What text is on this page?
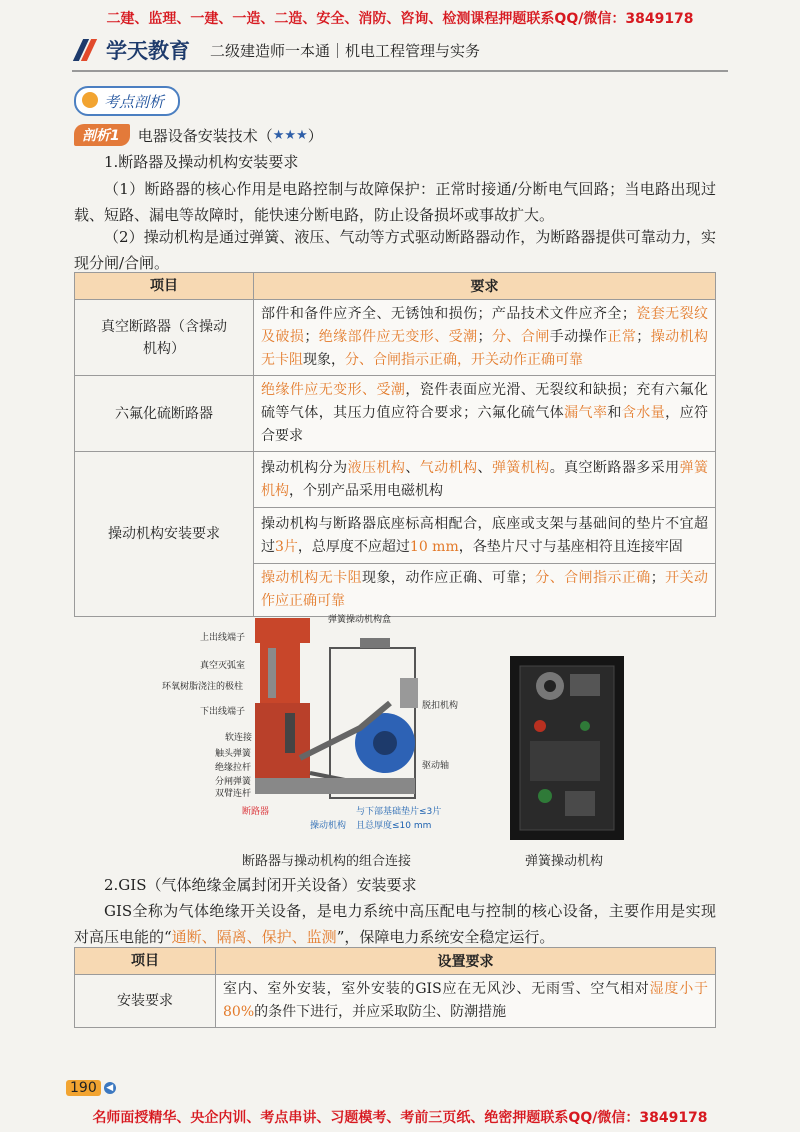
二建、监理、一建、一造、二造、安全、消防、咨询、检测课程押题联系QQ/微信：3849178
学天教育 二级建造师一本通｜机电工程管理与实务
考点剖析
剖析1	电器设备安装技术（ ★★★ ）
1.断路器及操动机构安装要求
（1）断路器的核心作用是电路控制与故障保护：正常时接通/分断电气回路；当电路出现过载、短路、漏电等故障时，能快速分断电路，防止设备损坏或事故扩大。
（2）操动机构是通过弹簧、液压、气动等方式驱动断路器动作，为断路器提供可靠动力，实现分闸/合闸。
项目	要求
真空断路器（含操动机构）	部件和备件应齐全、无锈蚀和损伤；产品技术文件应齐全；瓷套无裂纹及破损；绝缘部件应无变形、受潮；分、合闸手动操作正常；操动机构无卡阻现象，分、合闸指示正确，开关动作正确可靠
六氟化硫断路器	绝缘件应无变形、受潮，瓷件表面应光滑、无裂纹和缺损；充有六氟化硫等气体，其压力值应符合要求；六氟化硫气体漏气率和含水量，应符合要求
操动机构安装要求	操动机构分为液压机构、气动机构、弹簧机构。真空断路器多采用弹簧机构，个别产品采用电磁机构
	操动机构与断路器底座标高相配合，底座或支架与基础间的垫片不宜超过3片，总厚度不应超过10 mm，各垫片尺寸与基座相符且连接牢固
	操动机构无卡阻现象，动作应正确、可靠；分、合闸指示正确；开关动作应正确可靠
上出线端子
真空灭弧室
环氧树脂浇注的极柱
下出线端子
软连接
触头弹簧
绝缘拉杆
分闸弹簧
双臂连杆
弹簧操动机构盒
脱扣机构
驱动轴
断路器
操动机构
与下部基础垫片≤3片
且总厚度≤10 mm
断路器与操动机构的组合连接	弹簧操动机构
2.GIS（气体绝缘金属封闭开关设备）安装要求
GIS全称为气体绝缘开关设备，是电力系统中高压配电与控制的核心设备，主要作用是实现对高压电能的“通断、隔离、保护、监测”，保障电力系统安全稳定运行。
项目	设置要求
安装要求	室内、室外安装，室外安装的GIS应在无风沙、无雨雪、空气相对湿度小于80%的条件下进行，并应采取防尘、防潮措施
190	◀
名师面授精华、央企内训、考点串讲、习题模考、考前三页纸、绝密押题联系QQ/微信：3849178
